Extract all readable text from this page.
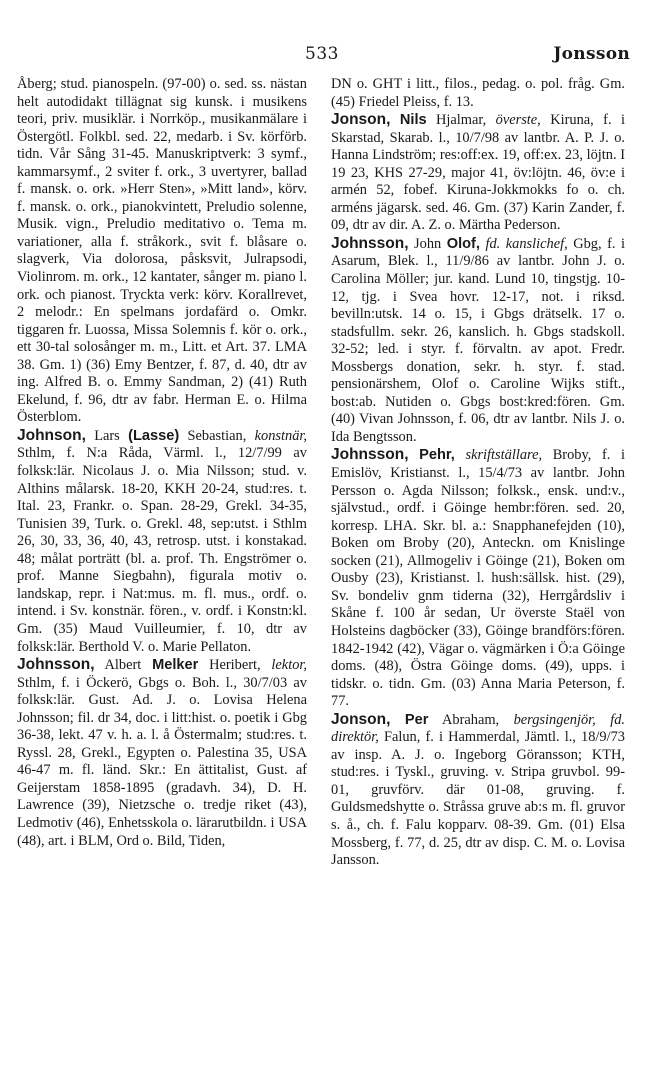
533	Jonsson

Åberg; stud. pianospeln. (97-00) o. sed. ss. nästan helt autodidakt tillägnat sig kunsk. i musikens teori, priv. musiklär. i Norrköp., musikanmälare i Östergötl. Folkbl. sed. 22, medarb. i Sv. körförb. tidn. Vår Sång 31-45. Manuskriptverk: 3 symf., kammarsymf., 2 sviter f. ork., 3 uvertyrer, ballad f. mansk. o. ork. »Herr Sten», »Mitt land», körv. f. mansk. o. ork., pianokvintett, Preludio solenne, Musik. vign., Preludio meditativo o. Tema m. variationer, alla f. stråkork., svit f. blåsare o. slagverk, Via dolorosa, påsksvit, Julrapsodi, Violinrom. m. ork., 12 kantater, sånger m. piano l. ork. och pianost. Tryckta verk: körv. Korallrevet, 2 melodr.: En spelmans jordafärd o. Omkr. tiggaren fr. Luossa, Missa Solemnis f. kör o. ork., ett 30-tal solosånger m. m., Litt. et Art. 37. LMA 38. Gm. 1) (36) Emy Bentzer, f. 87, d. 40, dtr av ing. Alfred B. o. Emmy Sandman, 2) (41) Ruth Ekelund, f. 96, dtr av fabr. Herman E. o. Hilma Österblom.

Johnson, Lars (Lasse) Sebastian, konstnär, Sthlm, f. N:a Råda, Värml. l., 12/7/99 av folksk:lär. Nicolaus J. o. Mia Nilsson; stud. v. Althins målarsk. 18-20, KKH 20-24, stud:res. t. Ital. 23, Frankr. o. Span. 28-29, Grekl. 34-35, Tunisien 39, Turk. o. Grekl. 48, sep:utst. i Sthlm 26, 30, 33, 36, 40, 43, retrosp. utst. i konstakad. 48; målat porträtt (bl. a. prof. Th. Engströmer o. prof. Manne Siegbahn), figurala motiv o. landskap, repr. i Nat:mus. m. fl. mus., ordf. o. intend. i Sv. konstnär. fören., v. ordf. i Konstn:kl. Gm. (35) Maud Vuilleumier, f. 10, dtr av folksk:lär. Berthold V. o. Marie Pellaton.

Johnsson, Albert Melker Heribert, lektor, Sthlm, f. i Öckerö, Gbgs o. Boh. l., 30/7/03 av folksk:lär. Gust. Ad. J. o. Lovisa Helena Johnsson; fil. dr 34, doc. i litt:hist. o. poetik i Gbg 36-38, lekt. 47 v. h. a. l. å Östermalm; stud:res. t. Ryssl. 28, Grekl., Egypten o. Palestina 35, USA 46-47 m. fl. länd. Skr.: En ättitalist, Gust. af Geijerstam 1858-1895 (gradavh. 34), D. H. Lawrence (39), Nietzsche o. tredje riket (43), Ledmotiv (46), Enhetsskola o. lärarutbildn. i USA (48), art. i BLM, Ord o. Bild, Tiden,

DN o. GHT i litt., filos., pedag. o. pol. fråg. Gm. (45) Friedel Pleiss, f. 13.

Jonson, Nils Hjalmar, överste, Kiruna, f. i Skarstad, Skarab. l., 10/7/98 av lantbr. A. P. J. o. Hanna Lindström; res:off:ex. 19, off:ex. 23, löjtn. I 19 23, KHS 27-29, major 41, öv:löjtn. 46, öv:e i armén 52, fobef. Kiruna-Jokkmokks fo o. ch. arméns jägarsk. sed. 46. Gm. (37) Karin Zander, f. 09, dtr av dir. A. Z. o. Märtha Pederson.

Johnsson, John Olof, fd. kanslichef, Gbg, f. i Asarum, Blek. l., 11/9/86 av lantbr. John J. o. Carolina Möller; jur. kand. Lund 10, tingstjg. 10-12, tjg. i Svea hovr. 12-17, not. i riksd. bevilln:utsk. 14 o. 15, i Gbgs drätselk. 17 o. stadsfullm. sekr. 26, kanslich. h. Gbgs stadskoll. 32-52; led. i styr. f. förvaltn. av apot. Fredr. Mossbergs donation, sekr. h. styr. f. stad. pensionärshem, Olof o. Caroline Wijks stift., bost:ab. Nutiden o. Gbgs bost:kred:fören. Gm. (40) Vivan Johnsson, f. 06, dtr av lantbr. Nils J. o. Ida Bengtsson.

Johnsson, Pehr, skriftställare, Broby, f. i Emislöv, Kristianst. l., 15/4/73 av lantbr. John Persson o. Agda Nilsson; folksk., ensk. und:v., självstud., ordf. i Göinge hembr:fören. sed. 20, korresp. LHA. Skr. bl. a.: Snapphanefejden (10), Boken om Broby (20), Anteckn. om Knislinge socken (21), Allmogeliv i Göinge (21), Boken om Ousby (23), Kristianst. l. hush:sällsk. hist. (29), Sv. bondeliv gnm tiderna (32), Herrgårdsliv i Skåne f. 100 år sedan, Ur överste Staël von Holsteins dagböcker (33), Göinge brandförs:fören. 1842-1942 (42), Vägar o. vägmärken i Ö:a Göinge doms. (48), Östra Göinge doms. (49), upps. i tidskr. o. tidn. Gm. (03) Anna Maria Peterson, f. 77.

Jonson, Per Abraham, bergsingenjör, fd. direktör, Falun, f. i Hammerdal, Jämtl. l., 18/9/73 av insp. A. J. o. Ingeborg Göransson; KTH, stud:res. i Tyskl., gruving. v. Stripa gruvbol. 99-01, gruvförv. där 01-08, gruving. f. Guldsmedshytte o. Stråssa gruve ab:s m. fl. gruvor s. å., ch. f. Falu kopparv. 08-39. Gm. (01) Elsa Mossberg, f. 77, d. 25, dtr av disp. C. M. o. Lovisa Jansson.
